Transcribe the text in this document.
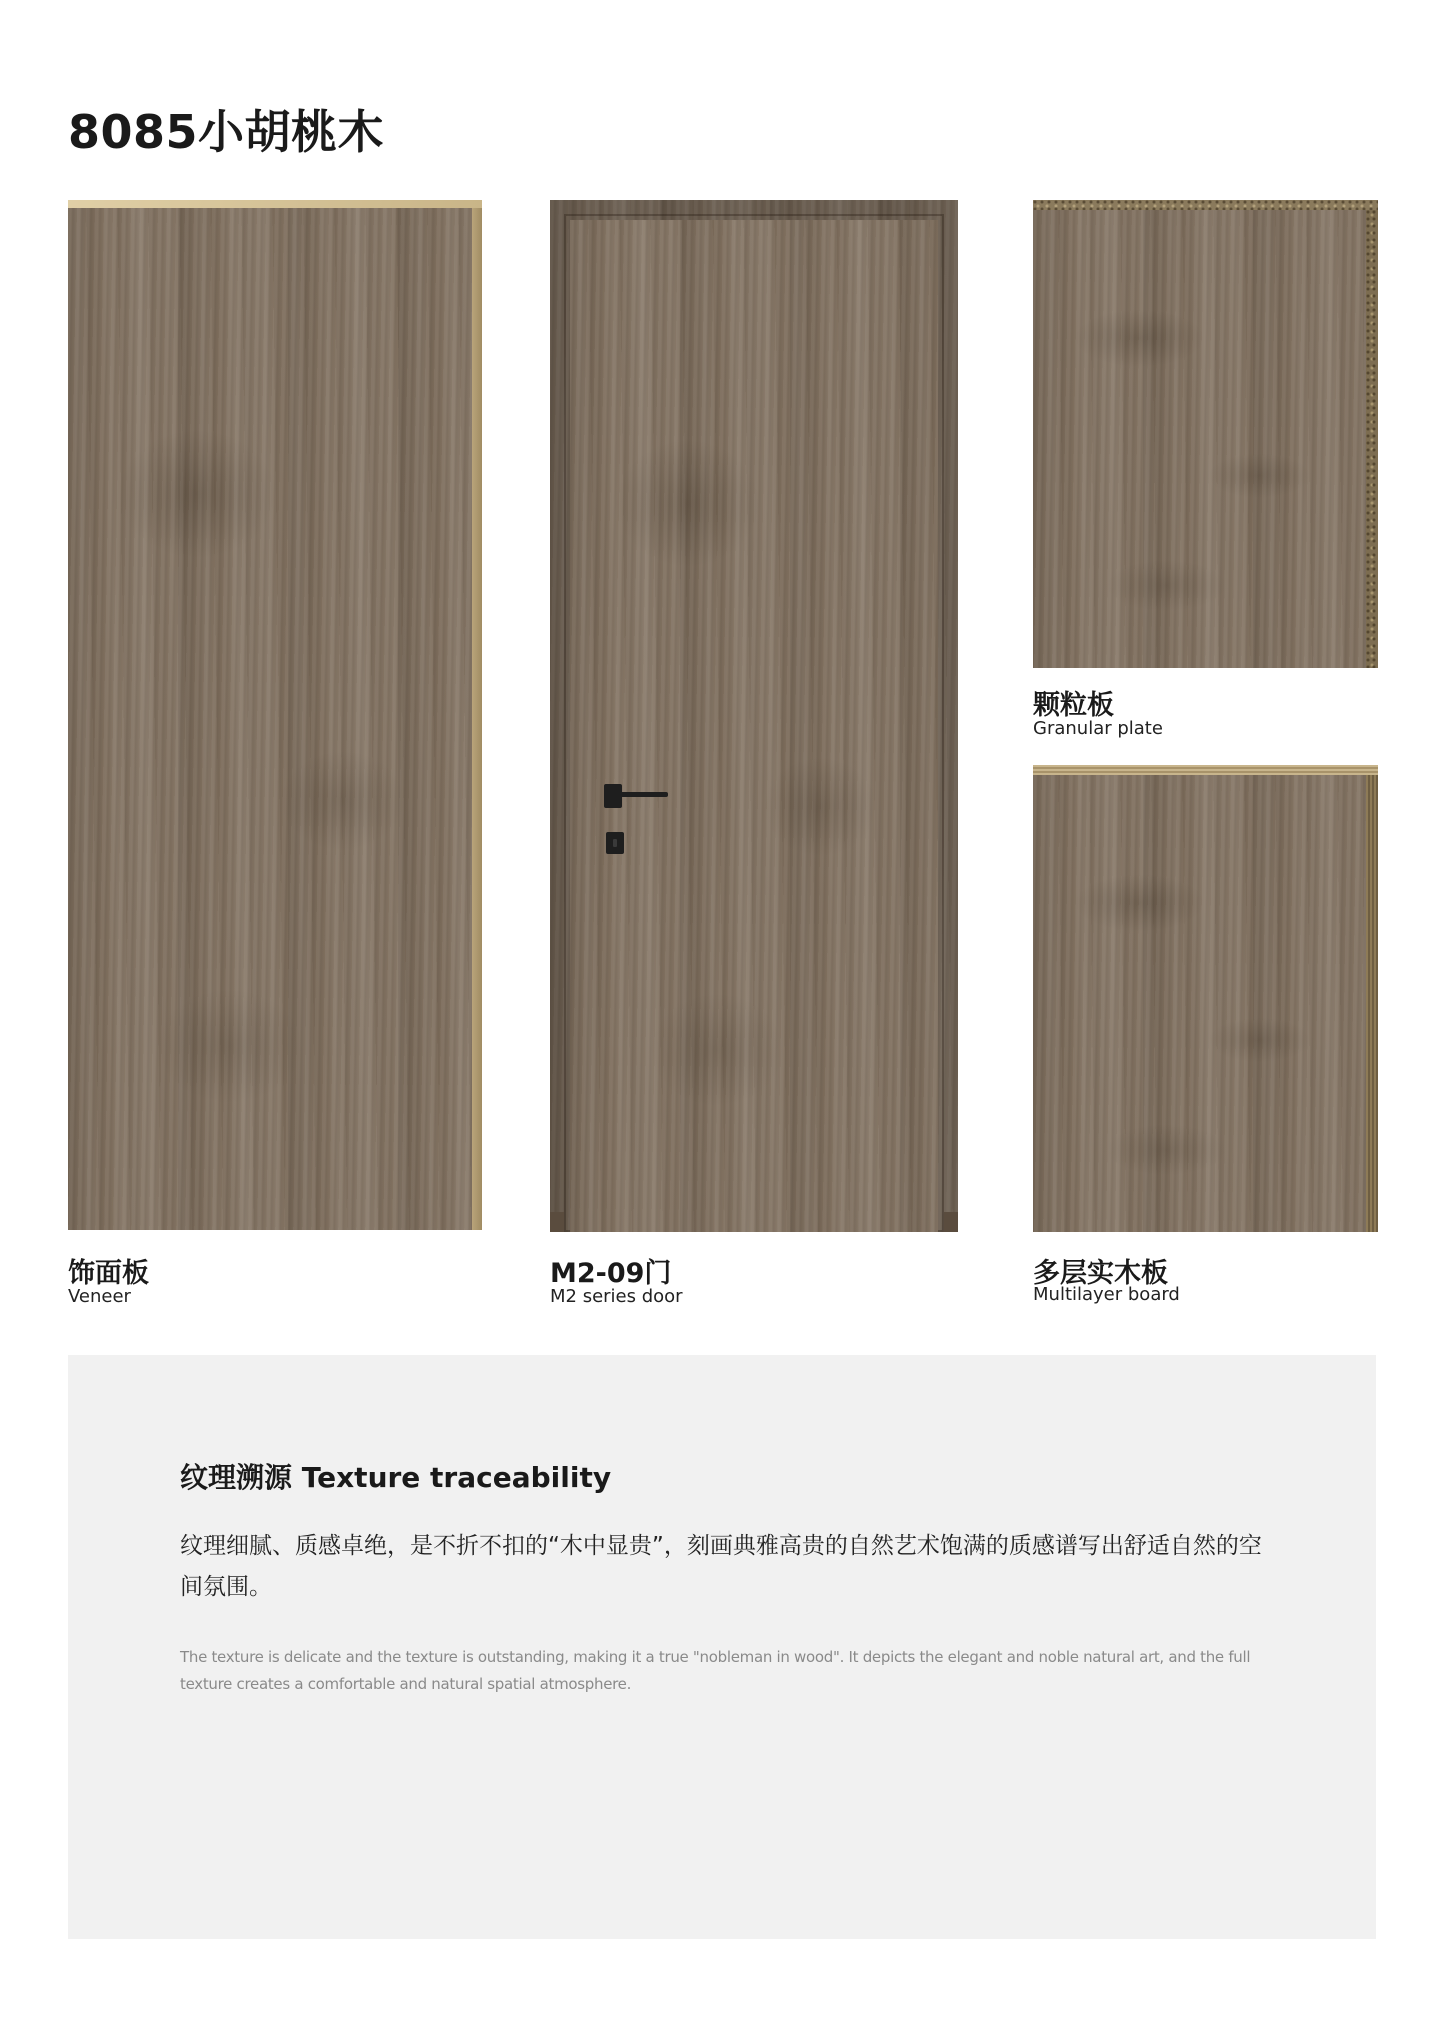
8085小胡桃木
饰面板
Veneer
M2-09门
M2 series door
颗粒板
Granular plate
多层实木板
Multilayer board
纹理溯源 Texture traceability
纹理细腻、质感卓绝，是不折不扣的“木中显贵”，刻画典雅高贵的自然艺术饱满的质感谱写出舒适自然的空间氛围。
The texture is delicate and the texture is outstanding, making it a true "nobleman in wood". It depicts the elegant and noble natural art, and the full texture creates a comfortable and natural spatial atmosphere.
